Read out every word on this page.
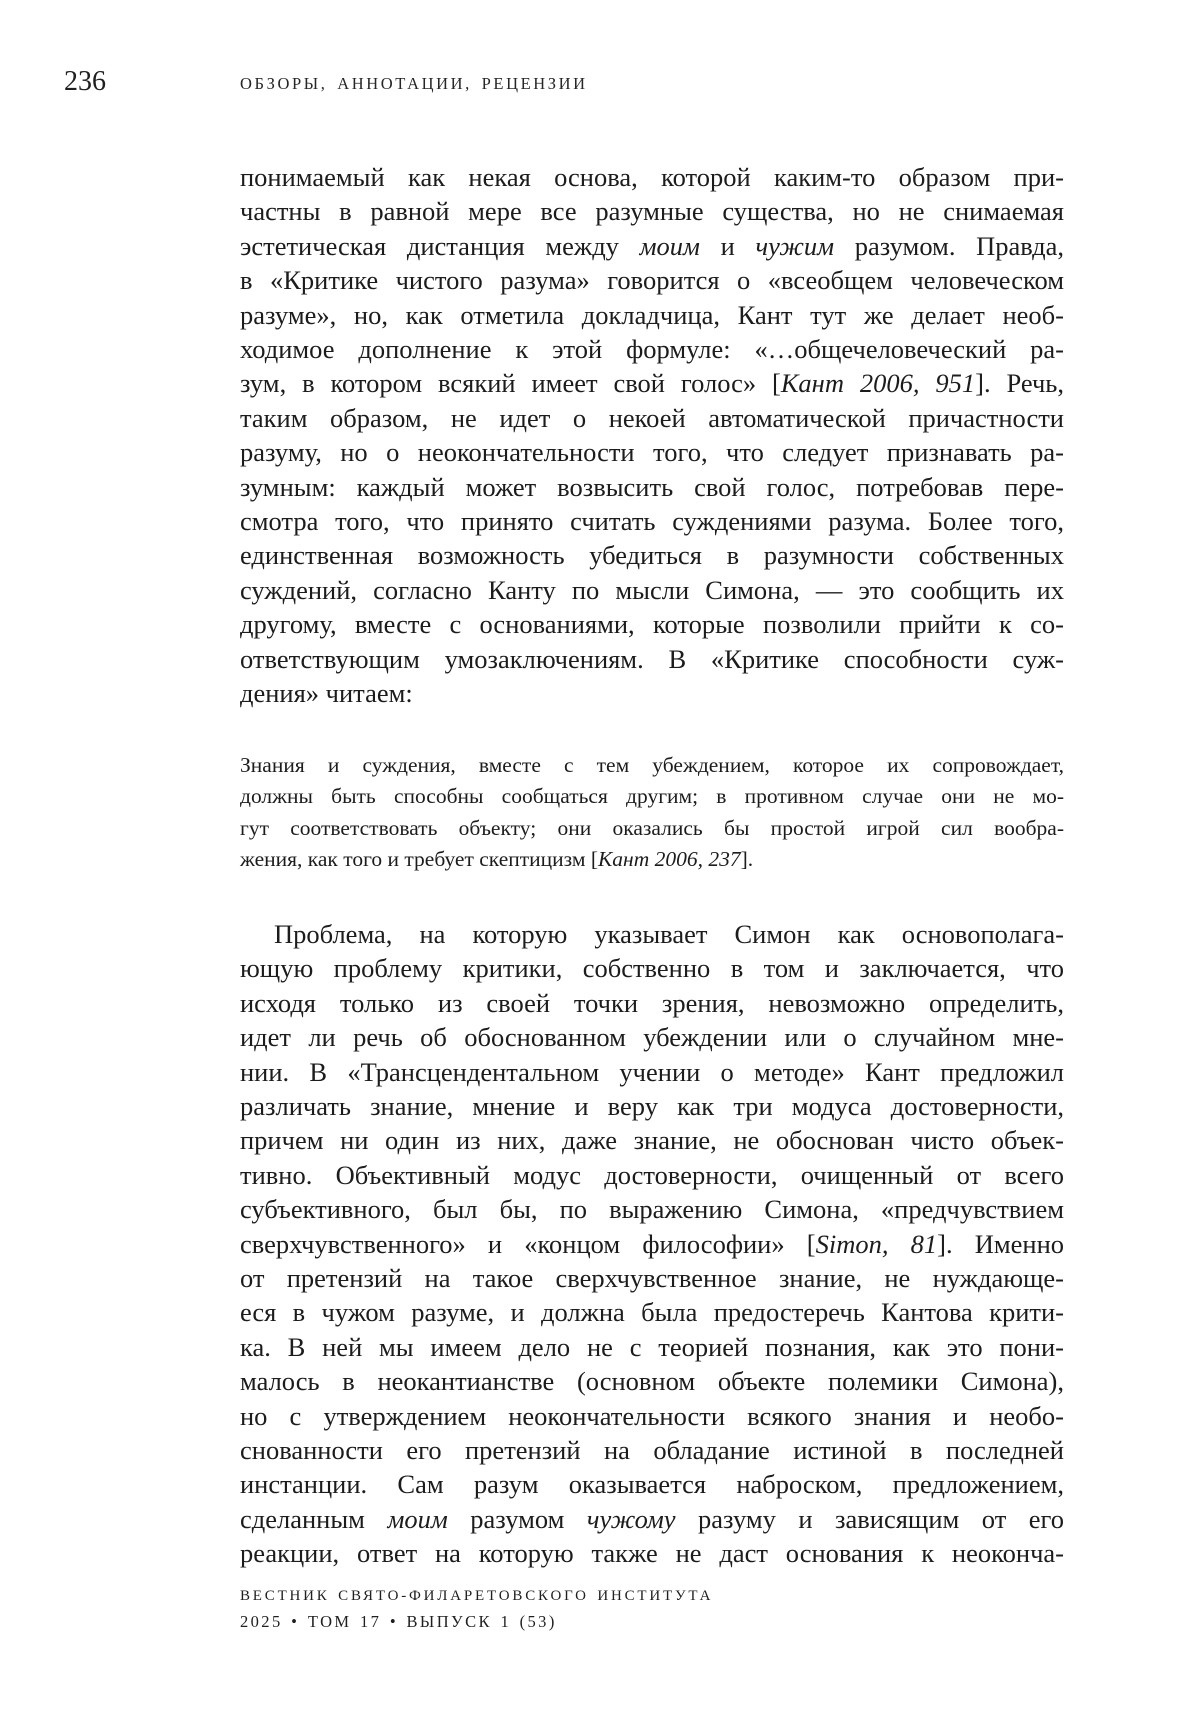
236	ОБЗОРЫ, АННОТАЦИИ, РЕЦЕНЗИИ
понимаемый как некая основа, которой каким-то образом при-
частны в равной мере все разумные существа, но не снимаемая
эстетическая дистанция между моим и чужим разумом. Правда,
в «Критике чистого разума» говорится о «всеобщем человеческом
разуме», но, как отметила докладчица, Кант тут же делает необ-
ходимое дополнение к этой формуле: «…общечеловеческий ра-
зум, в котором всякий имеет свой голос» [Кант 2006, 951]. Речь,
таким образом, не идет о некоей автоматической причастности
разуму, но о неокончательности того, что следует признавать ра-
зумным: каждый может возвысить свой голос, потребовав пере-
смотра того, что принято считать суждениями разума. Более того,
единственная возможность убедиться в разумности собственных
суждений, согласно Канту по мысли Симона, — это сообщить их
другому, вместе с основаниями, которые позволили прийти к со-
ответствующим умозаключениям. В «Критике способности суж-
дения» читаем:
Знания и суждения, вместе с тем убеждением, которое их сопровождает,
должны быть способны сообщаться другим; в противном случае они не мо-
гут соответствовать объекту; они оказались бы простой игрой сил вообра-
жения, как того и требует скептицизм [Кант 2006, 237].
Проблема, на которую указывает Симон как основополага-
ющую проблему критики, собственно в том и заключается, что
исходя только из своей точки зрения, невозможно определить,
идет ли речь об обоснованном убеждении или о случайном мне-
нии. В «Трансцендентальном учении о методе» Кант предложил
различать знание, мнение и веру как три модуса достоверности,
причем ни один из них, даже знание, не обоснован чисто объек-
тивно. Объективный модус достоверности, очищенный от всего
субъективного, был бы, по выражению Симона, «предчувствием
сверхчувственного» и «концом философии» [Simon, 81]. Именно
от претензий на такое сверхчувственное знание, не нуждающе-
еся в чужом разуме, и должна была предостеречь Кантова крити-
ка. В ней мы имеем дело не с теорией познания, как это пони-
малось в неокантианстве (основном объекте полемики Симона),
но с утверждением неокончательности всякого знания и необо-
снованности его претензий на обладание истиной в последней
инстанции. Сам разум оказывается наброском, предложением,
сделанным моим разумом чужому разуму и зависящим от его
реакции, ответ на которую также не даст основания к неоконча-
ВЕСТНИК СВЯТО-ФИЛАРЕТОВСКОГО ИНСТИТУТА
2025 • ТОМ 17 • ВЫПУСК 1 (53)
